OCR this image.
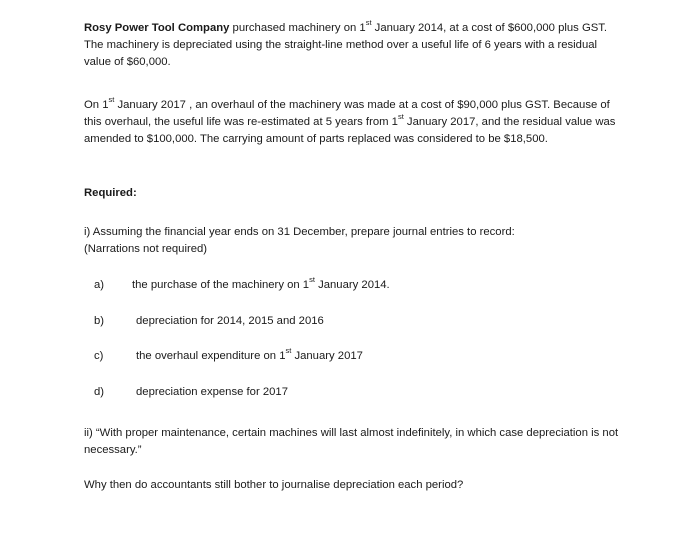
Rosy Power Tool Company purchased machinery on 1st January 2014, at a cost of $600,000 plus GST. The machinery is depreciated using the straight-line method over a useful life of 6 years with a residual value of $60,000.

On 1st January 2017 , an overhaul of the machinery was made at a cost of $90,000 plus GST. Because of this overhaul, the useful life was re-estimated at 5 years from 1st January 2017, and the residual value was amended to $100,000. The carrying amount of parts replaced was considered to be $18,500.

Required:

i) Assuming the financial year ends on 31 December, prepare journal entries to record:
(Narrations not required)

a) the purchase of the machinery on 1st January 2014.
b)	depreciation for 2014, 2015 and 2016
c)	the overhaul expenditure on 1st January 2017
d)	depreciation expense for 2017

ii) “With proper maintenance, certain machines will last almost indefinitely, in which case depreciation is not necessary.”

Why then do accountants still bother to journalise depreciation each period?
